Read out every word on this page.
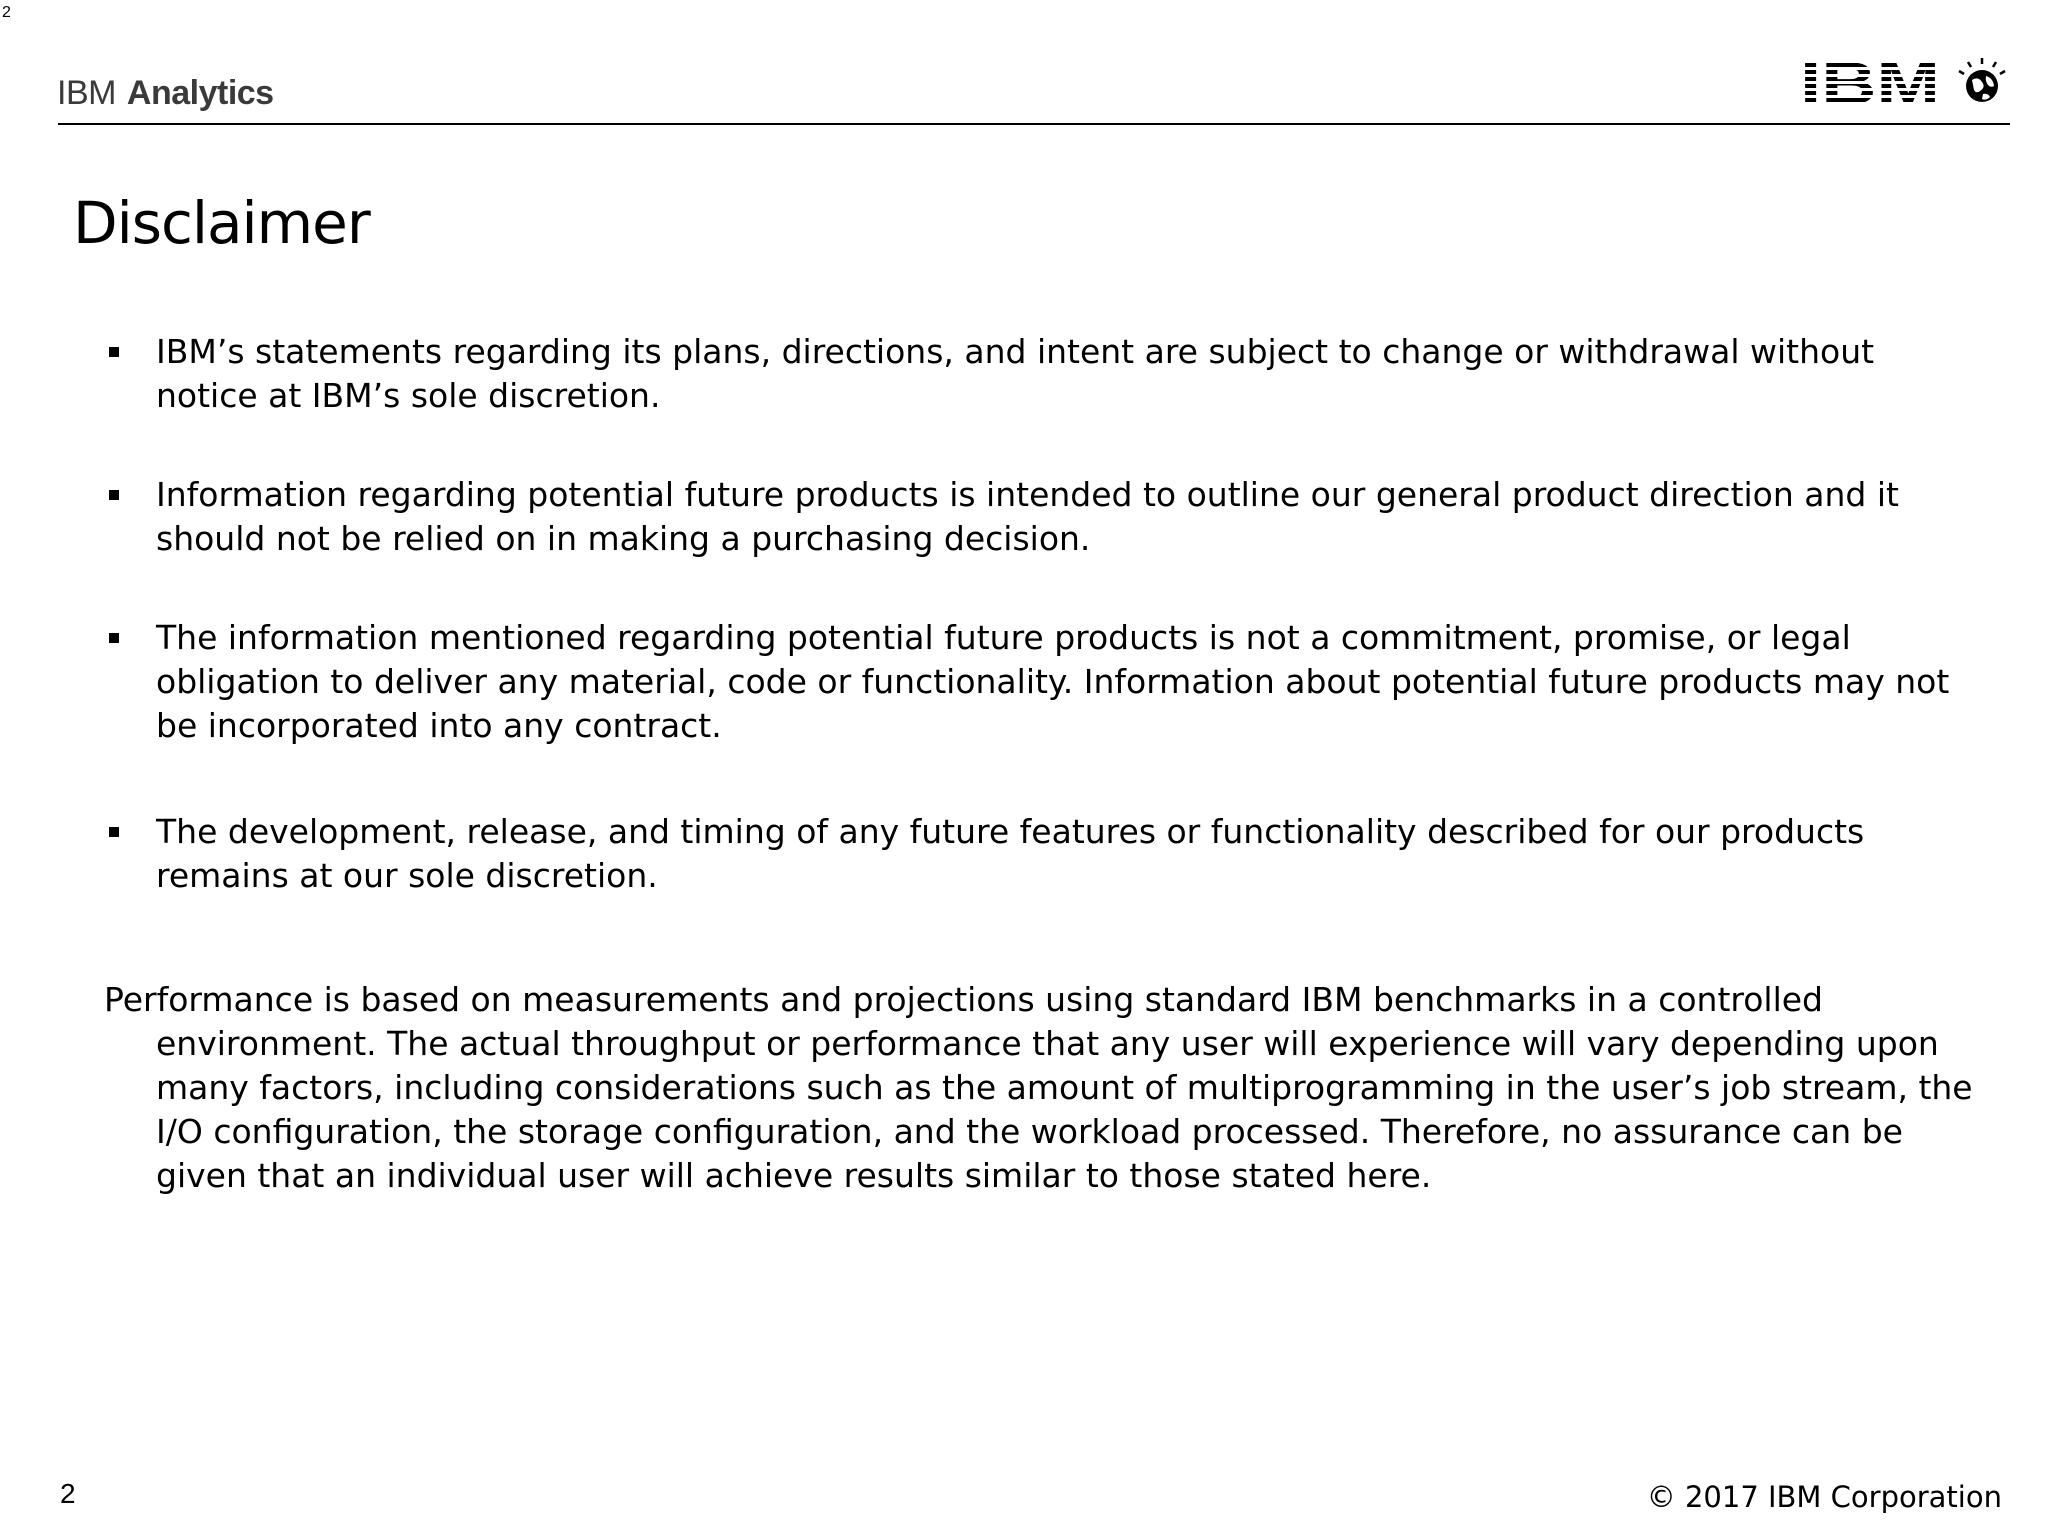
2
IBM Analytics	IBM
Disclaimer
IBM’s statements regarding its plans, directions, and intent are subject to change or withdrawal without notice at IBM’s sole discretion.
Information regarding potential future products is intended to outline our general product direction and it should not be relied on in making a purchasing decision.
The information mentioned regarding potential future products is not a commitment, promise, or legal obligation to deliver any material, code or functionality. Information about potential future products may not be incorporated into any contract.
The development, release, and timing of any future features or functionality described for our products remains at our sole discretion.

Performance is based on measurements and projections using standard IBM benchmarks in a controlled environment. The actual throughput or performance that any user will experience will vary depending upon many factors, including considerations such as the amount of multiprogramming in the user’s job stream, the I/O configuration, the storage configuration, and the workload processed. Therefore, no assurance can be given that an individual user will achieve results similar to those stated here.

2	© 2017 IBM Corporation
